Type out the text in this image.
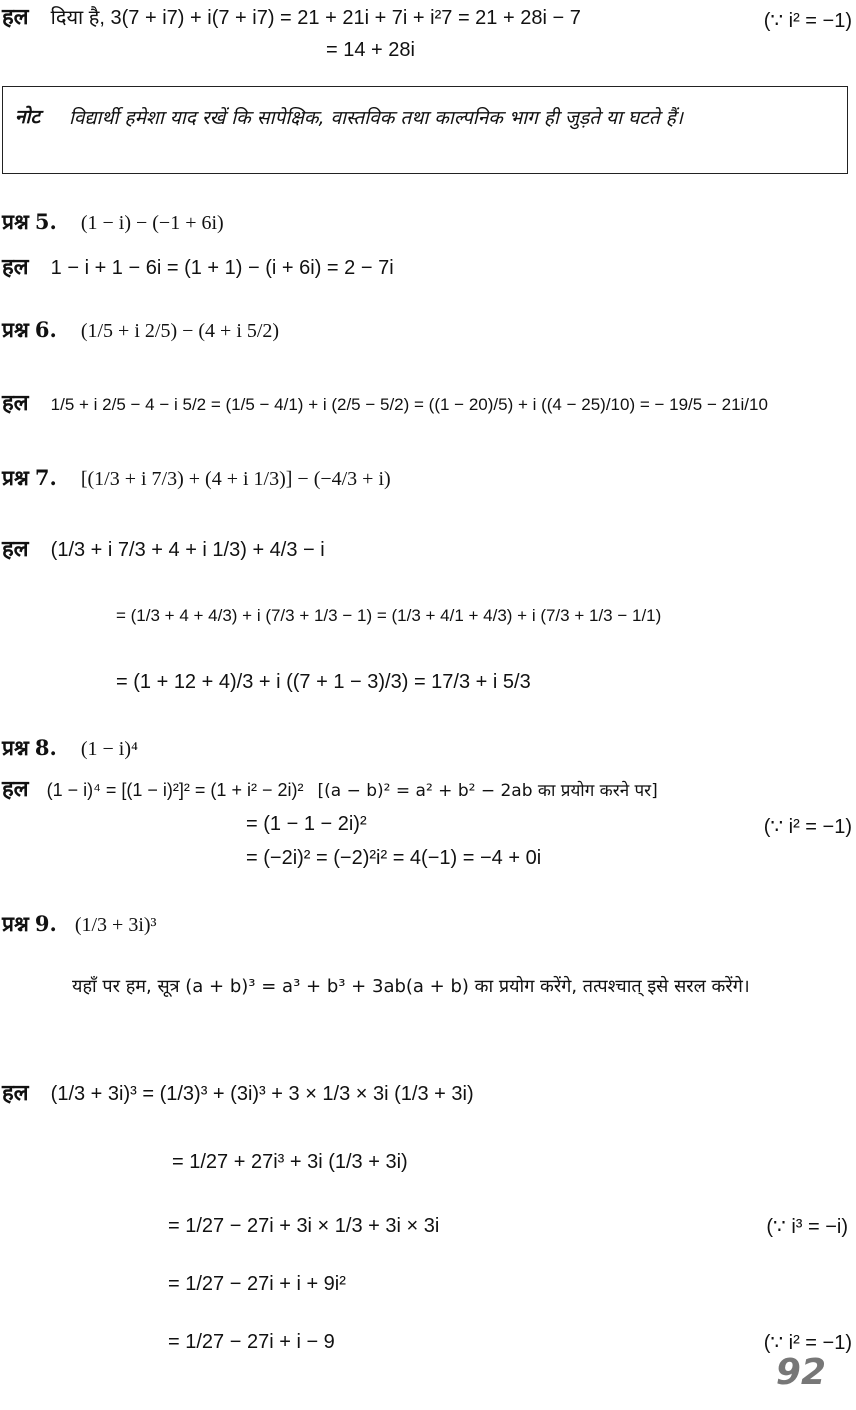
हल दिया है, 3(7 + i7) + i(7 + i7) = 21 + 21i + 7i + i²7 = 21 + 28i − 7	(∵ i² = −1)
= 14 + 28i
नोट विद्यार्थी हमेशा याद रखें कि सापेक्षिक, वास्तविक तथा काल्पनिक भाग ही जुड़ते या घटते हैं।
प्रश्न 5. (1 − i) − (−1 + 6i)
हल 1 − i + 1 − 6i = (1 + 1) − (i + 6i) = 2 − 7i
प्रश्न 6. (1/5 + i 2/5) − (4 + i 5/2)
हल 1/5 + i 2/5 − 4 − i 5/2 = (1/5 − 4/1) + i (2/5 − 5/2) = ((1 − 20)/5) + i ((4 − 25)/10) = − 19/5 − 21i/10
प्रश्न 7. [(1/3 + i 7/3) + (4 + i 1/3)] − (−4/3 + i)
हल (1/3 + i 7/3 + 4 + i 1/3) + 4/3 − i
= (1/3 + 4 + 4/3) + i (7/3 + 1/3 − 1) = (1/3 + 4/1 + 4/3) + i (7/3 + 1/3 − 1/1)
= (1 + 12 + 4)/3 + i ((7 + 1 − 3)/3) = 17/3 + i 5/3
प्रश्न 8. (1 − i)⁴
हल (1 − i)⁴ = [(1 − i)²]² = (1 + i² − 2i)² [(a − b)² = a² + b² − 2ab का प्रयोग करने पर]
= (1 − 1 − 2i)²	(∵ i² = −1)
= (−2i)² = (−2)²i² = 4(−1) = −4 + 0i
प्रश्न 9. (1/3 + 3i)³
यहाँ पर हम, सूत्र (a + b)³ = a³ + b³ + 3ab(a + b) का प्रयोग करेंगे, तत्पश्चात् इसे सरल करेंगे।
हल (1/3 + 3i)³ = (1/3)³ + (3i)³ + 3 × 1/3 × 3i (1/3 + 3i)
= 1/27 + 27i³ + 3i (1/3 + 3i)
= 1/27 − 27i + 3i × 1/3 + 3i × 3i	(∵ i³ = −i)
= 1/27 − 27i + i + 9i²
= 1/27 − 27i + i − 9	(∵ i² = −1)
92
